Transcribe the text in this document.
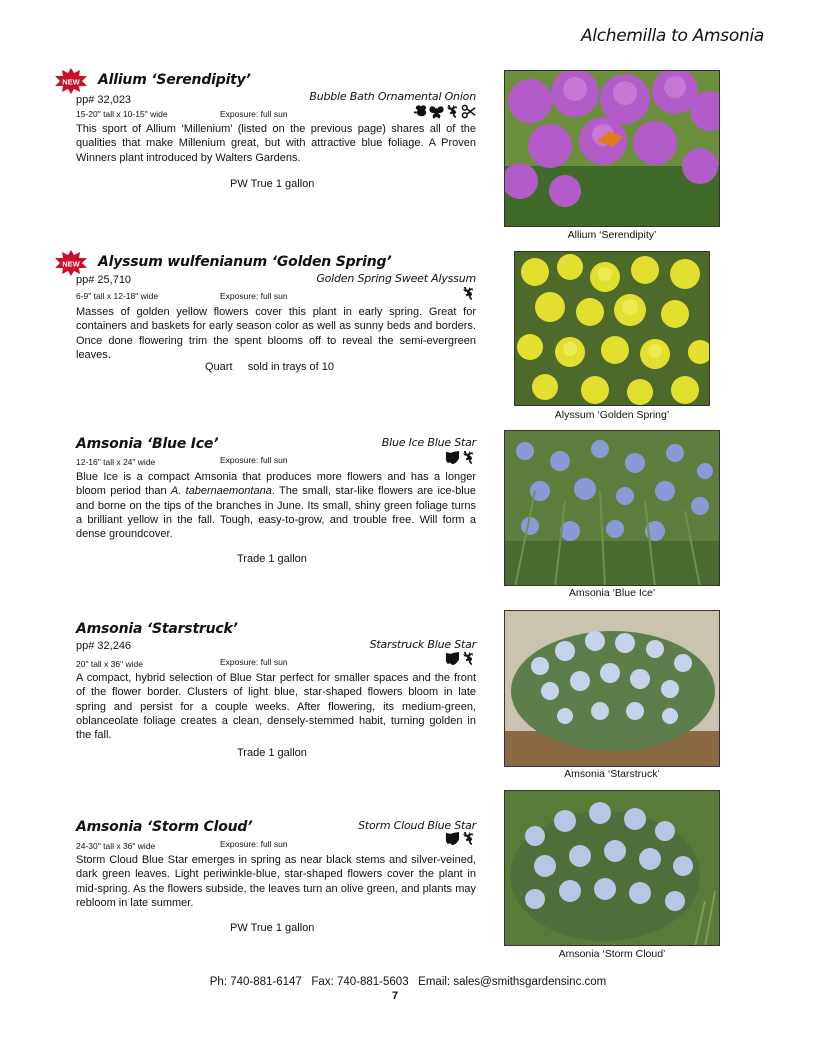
Alchemilla to Amsonia
NEW Allium ‘Serendipity’
pp# 32,023	Bubble Bath Ornamental Onion
15-20" tall x 10-15" wide	Exposure: full sun

This sport of Allium ‘Millenium’ (listed on the previous page) shares all of the qualities that make Millenium great, but with attractive blue foliage. A Proven Winners plant introduced by Walters Gardens.

PW True 1 gallon
Allium ‘Serendipity’
NEW Alyssum wulfenianum ‘Golden Spring’
pp# 25,710	Golden Spring Sweet Alyssum
6-9" tall x 12-18" wide	Exposure: full sun

Masses of golden yellow flowers cover this plant in early spring. Great for containers and baskets for early season color as well as sunny beds and borders. Once done flowering trim the spent blooms off to reveal the semi-evergreen leaves.

Quart     sold in trays of 10
Alyssum ‘Golden Spring’
Amsonia ‘Blue Ice’	Blue Ice Blue Star
12-16" tall x 24" wide	Exposure: full sun

Blue Ice is a compact Amsonia that produces more flowers and has a longer bloom period than A. tabernaemontana. The small, star-like flowers are ice-blue and borne on the tips of the branches in June. Its small, shiny green foliage turns a brilliant yellow in the fall. Tough, easy-to-grow, and trouble free. Will form a dense groundcover.

Trade 1 gallon
Amsonia ‘Blue Ice’
Amsonia ‘Starstruck’
pp# 32,246	Starstruck Blue Star
20" tall x 36" wide	Exposure: full sun

A compact, hybrid selection of Blue Star perfect for smaller spaces and the front of the flower border. Clusters of light blue, star-shaped flowers bloom in late spring and persist for a couple weeks. After flowering, its medium-green, oblanceolate foliage creates a clean, densely-stemmed habit, turning golden in the fall.

Trade 1 gallon
Amsonia ‘Starstruck’
Amsonia ‘Storm Cloud’	Storm Cloud Blue Star
24-30" tall x 36" wide	Exposure: full sun

Storm Cloud Blue Star emerges in spring as near black stems and silver-veined, dark green leaves. Light periwinkle-blue, star-shaped flowers cover the plant in mid-spring. As the flowers subside, the leaves turn an olive green, and plants may rebloom in late summer.

PW True 1 gallon
Amsonia ‘Storm Cloud’
Ph: 740-881-6147   Fax: 740-881-5603   Email: sales@smithsgardensinc.com
7
